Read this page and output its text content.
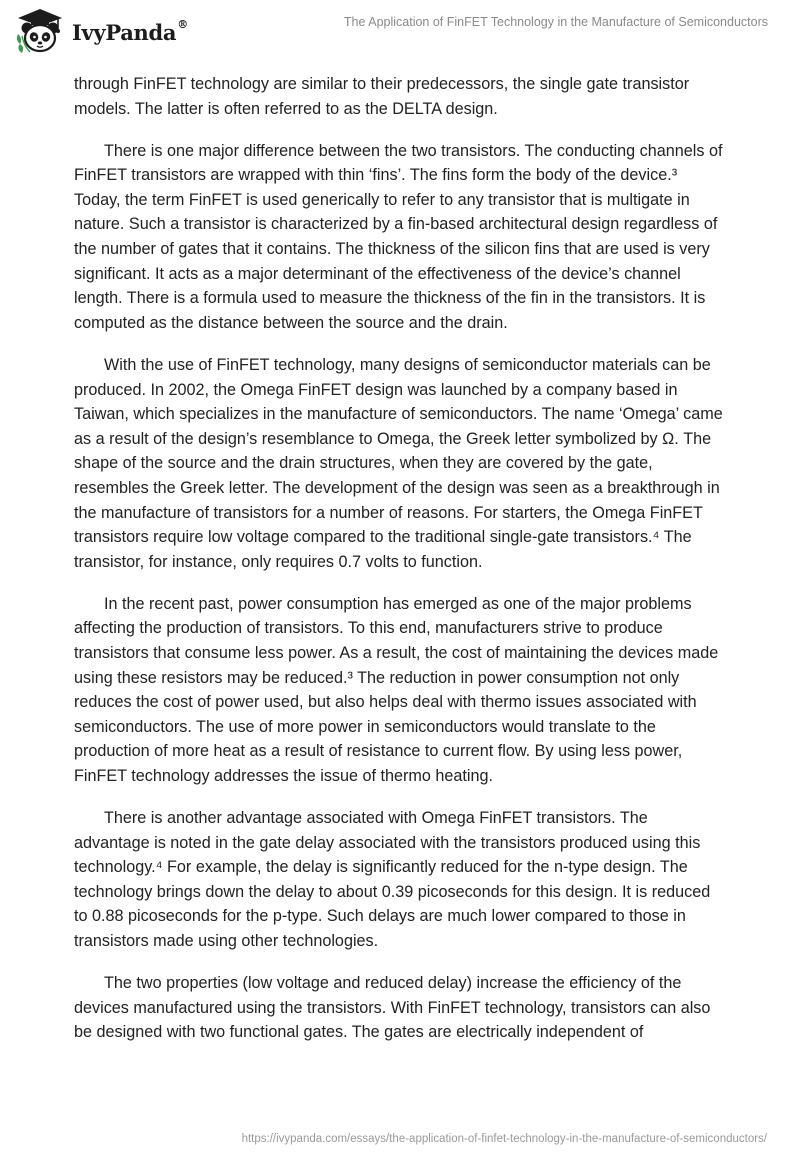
IvyPanda®	The Application of FinFET Technology in the Manufacture of Semiconductors

through FinFET technology are similar to their predecessors, the single gate transistor models. The latter is often referred to as the DELTA design.

There is one major difference between the two transistors. The conducting channels of FinFET transistors are wrapped with thin ‘fins’. The fins form the body of the device.³ Today, the term FinFET is used generically to refer to any transistor that is multigate in nature. Such a transistor is characterized by a fin-based architectural design regardless of the number of gates that it contains. The thickness of the silicon fins that are used is very significant. It acts as a major determinant of the effectiveness of the device’s channel length. There is a formula used to measure the thickness of the fin in the transistors. It is computed as the distance between the source and the drain.

With the use of FinFET technology, many designs of semiconductor materials can be produced. In 2002, the Omega FinFET design was launched by a company based in Taiwan, which specializes in the manufacture of semiconductors. The name ‘Omega’ came as a result of the design’s resemblance to Omega, the Greek letter symbolized by Ω. The shape of the source and the drain structures, when they are covered by the gate, resembles the Greek letter. The development of the design was seen as a breakthrough in the manufacture of transistors for a number of reasons. For starters, the Omega FinFET transistors require low voltage compared to the traditional single-gate transistors.⁴ The transistor, for instance, only requires 0.7 volts to function.

In the recent past, power consumption has emerged as one of the major problems affecting the production of transistors. To this end, manufacturers strive to produce transistors that consume less power. As a result, the cost of maintaining the devices made using these resistors may be reduced.³ The reduction in power consumption not only reduces the cost of power used, but also helps deal with thermo issues associated with semiconductors. The use of more power in semiconductors would translate to the production of more heat as a result of resistance to current flow. By using less power, FinFET technology addresses the issue of thermo heating.

There is another advantage associated with Omega FinFET transistors. The advantage is noted in the gate delay associated with the transistors produced using this technology.⁴ For example, the delay is significantly reduced for the n-type design. The technology brings down the delay to about 0.39 picoseconds for this design. It is reduced to 0.88 picoseconds for the p-type. Such delays are much lower compared to those in transistors made using other technologies.

The two properties (low voltage and reduced delay) increase the efficiency of the devices manufactured using the transistors. With FinFET technology, transistors can also be designed with two functional gates. The gates are electrically independent of

https://ivypanda.com/essays/the-application-of-finfet-technology-in-the-manufacture-of-semiconductors/
